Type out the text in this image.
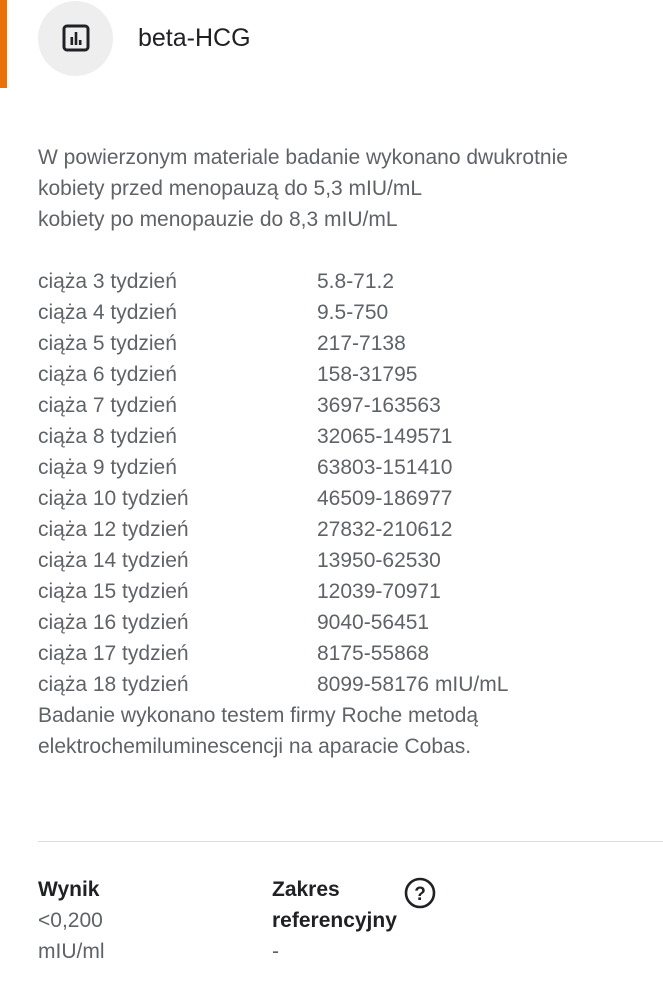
beta-HCG

W powierzonym materiale badanie wykonano dwukrotnie

kobiety przed menopauzą do 5,3 mIU/mL

kobiety po menopauzie do 8,3 mIU/mL

ciąża 3 tydzień	5.8-71.2
ciąża 4 tydzień	9.5-750
ciąża 5 tydzień	217-7138
ciąża 6 tydzień	158-31795
ciąża 7 tydzień	3697-163563
ciąża 8 tydzień	32065-149571
ciąża 9 tydzień	63803-151410
ciąża 10 tydzień	46509-186977
ciąża 12 tydzień	27832-210612
ciąża 14 tydzień	13950-62530
ciąża 15 tydzień	12039-70971
ciąża 16 tydzień	9040-56451
ciąża 17 tydzień	8175-55868
ciąża 18 tydzień	8099-58176 mIU/mL

Badanie wykonano testem firmy Roche metodą

elektrochemiluminescencji na aparacie Cobas.

Wynik
<0,200
mIU/ml
Zakres referencyjny
-
?
